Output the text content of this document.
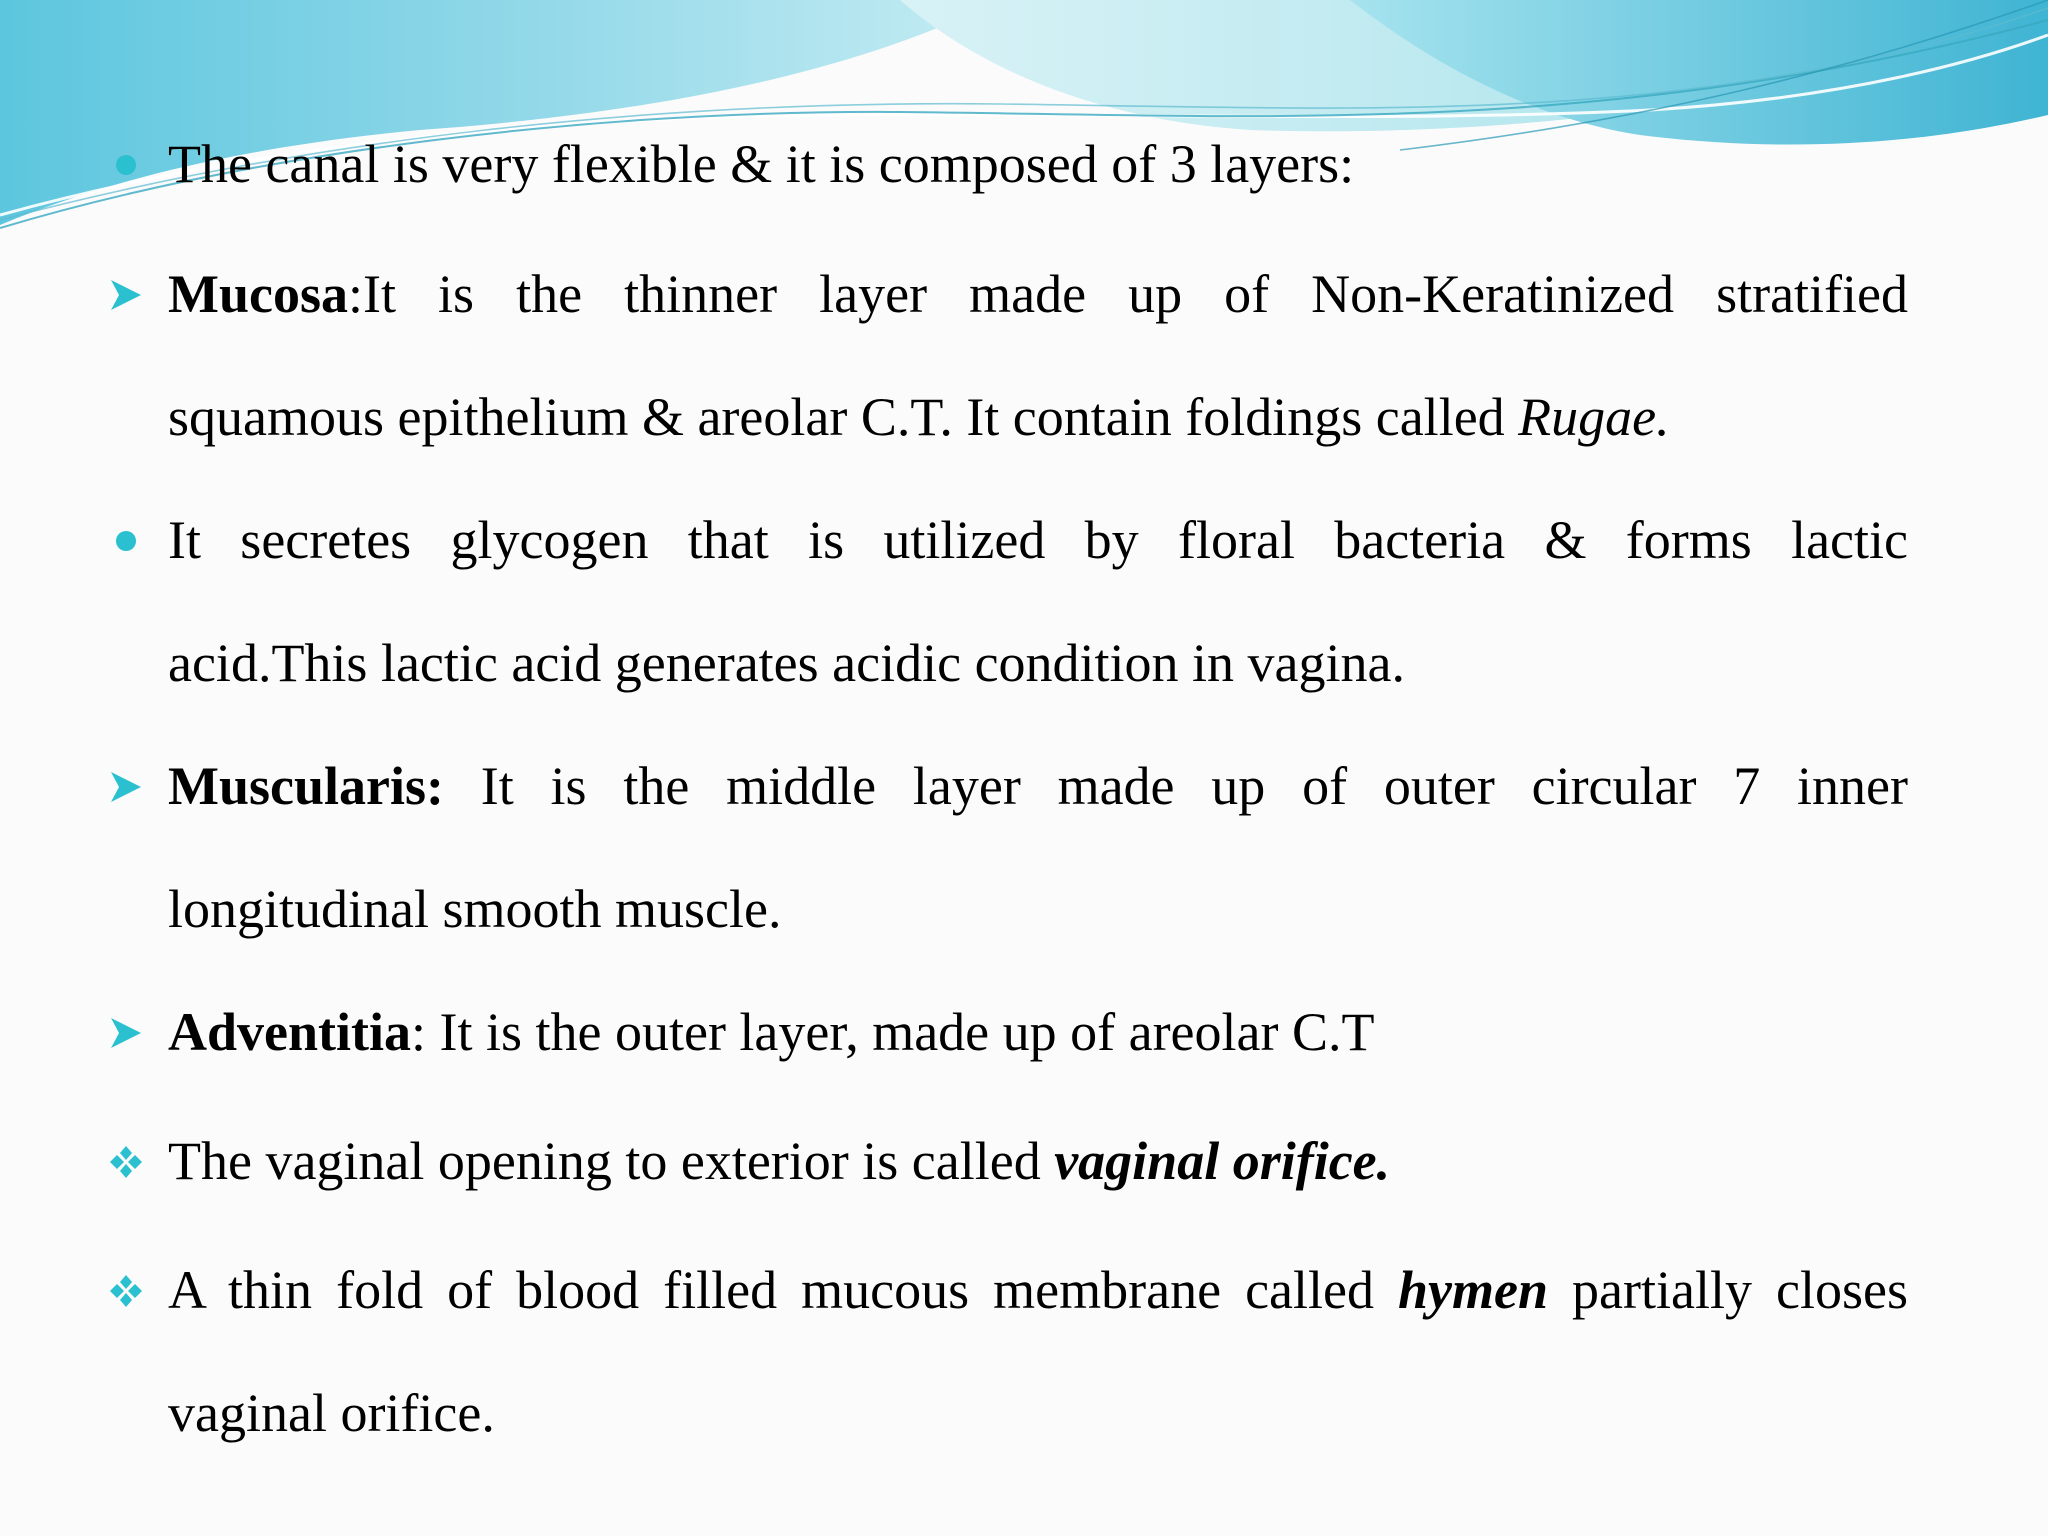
The canal is very flexible & it is composed of 3 layers:
Mucosa:It is the thinner layer made up of Non-Keratinized stratified
squamous epithelium & areolar C.T. It contain foldings called Rugae.
It secretes glycogen that is utilized by floral bacteria & forms lactic
acid.This lactic acid generates acidic condition in vagina.
Muscularis: It is the middle layer made up of outer circular 7 inner
longitudinal smooth muscle.
Adventitia: It is the outer layer, made up of areolar C.T
The vaginal opening to exterior is called vaginal orifice.
A thin fold of blood filled mucous membrane called hymen partially closes
vaginal orifice.
